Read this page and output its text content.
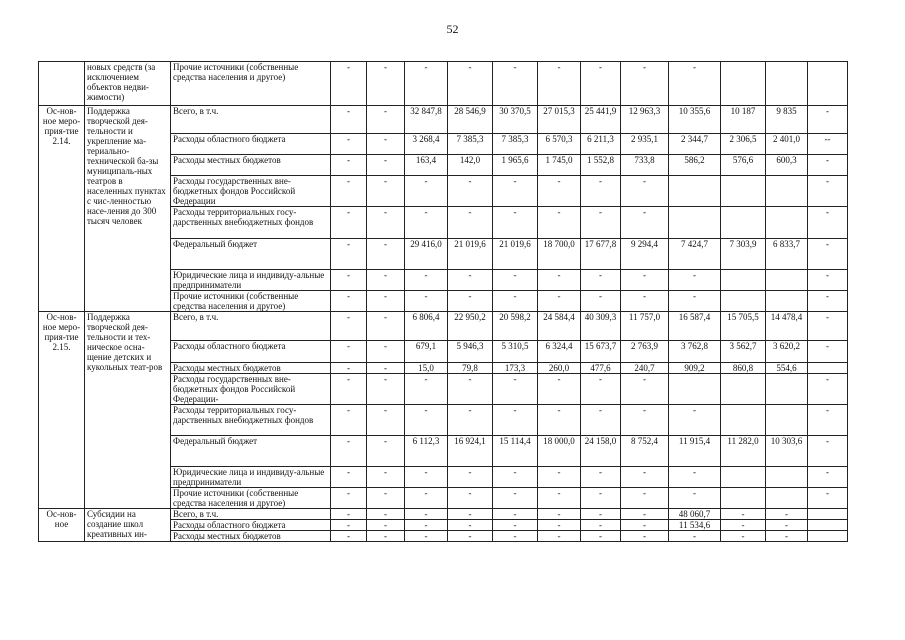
52
	новых средств (за исключением объектов недви-жимости)	Прочие источники (собственные средства населения и другое)	-	-	-	-	-	-	-	-	-			
Ос-нов-ное меро-прия-тие 2.14.	Поддержка творческой дея-тельности и укрепление ма-териально-технической ба-зы муниципаль-ных театров в населенных пунктах с чис-ленностью насе-ления до 300 тысяч человек	Всего, в т.ч.	-	-	32 847,8	28 546,9	30 370,5	27 015,3	25 441,9	12 963,3	10 355,6	10 187	9 835	-
		Расходы областного бюджета	-	-	3 268,4	7 385,3	7 385,3	6 570,3	6 211,3	2 935,1	2 344,7	2 306,5	2 401,0	--
		Расходы местных бюджетов	-	-	163,4	142,0	1 965,6	1 745,0	1 552,8	733,8	586,2	576,6	600,3	-
		Расходы государственных вне-бюджетных фондов Российской Федерации	-	-	-	-	-	-	-	-				-
		Расходы территориальных госу-дарственных внебюджетных фондов	-	-	-	-	-	-	-	-				-
		Федеральный бюджет	-	-	29 416,0	21 019,6	21 019,6	18 700,0	17 677,8	9 294,4	7 424,7	7 303,9	6 833,7	-
		Юридические лица и индивиду-альные предприниматели	-	-	-	-	-	-	-	-	-			-
		Прочие источники (собственные средства населения и другое)	-	-	-	-	-	-	-	-	-			-
Ос-нов-ное меро-прия-тие 2.15.	Поддержка творческой дея-тельности и тех-ническое осна-щение детских и кукольных теат-ров	Всего, в т.ч.	-	-	6 806,4	22 950,2	20 598,2	24 584,4	40 309,3	11 757,0	16 587,4	15 705,5	14 478,4	-
		Расходы областного бюджета	-	-	679,1	5 946,3	5 310,5	6 324,4	15 673,7	2 763,9	3 762,8	3 562,7	3 620,2	-
		Расходы местных бюджетов	-	-	15,0	79,8	173,3	260,0	477,6	240,7	909,2	860,8	554,6	
		Расходы государственных вне-бюджетных фондов Российской Федерации-	-	-	-	-	-	-	-	-				-
		Расходы территориальных госу-дарственных внебюджетных фондов	-	-	-	-	-	-	-	-	-			-
		Федеральный бюджет	-	-	6 112,3	16 924,1	15 114,4	18 000,0	24 158,0	8 752,4	11 915,4	11 282,0	10 303,6	-
		Юридические лица и индивиду-альные предприниматели	-	-	-	-	-	-	-	-	-			-
		Прочие источники (собственные средства населения и другое)	-	-	-	-	-	-	-	-	-			-
Ос-нов-ное	Субсидии на создание школ креативных ин-	Всего, в т.ч.	-	-	-	-	-	-	-	-	48 060,7	-	-	
		Расходы областного бюджета	-	-	-	-	-	-	-	-	11 534,6	-	-	
		Расходы местных бюджетов	-	-	-	-	-	-	-	-	-	-	-	
